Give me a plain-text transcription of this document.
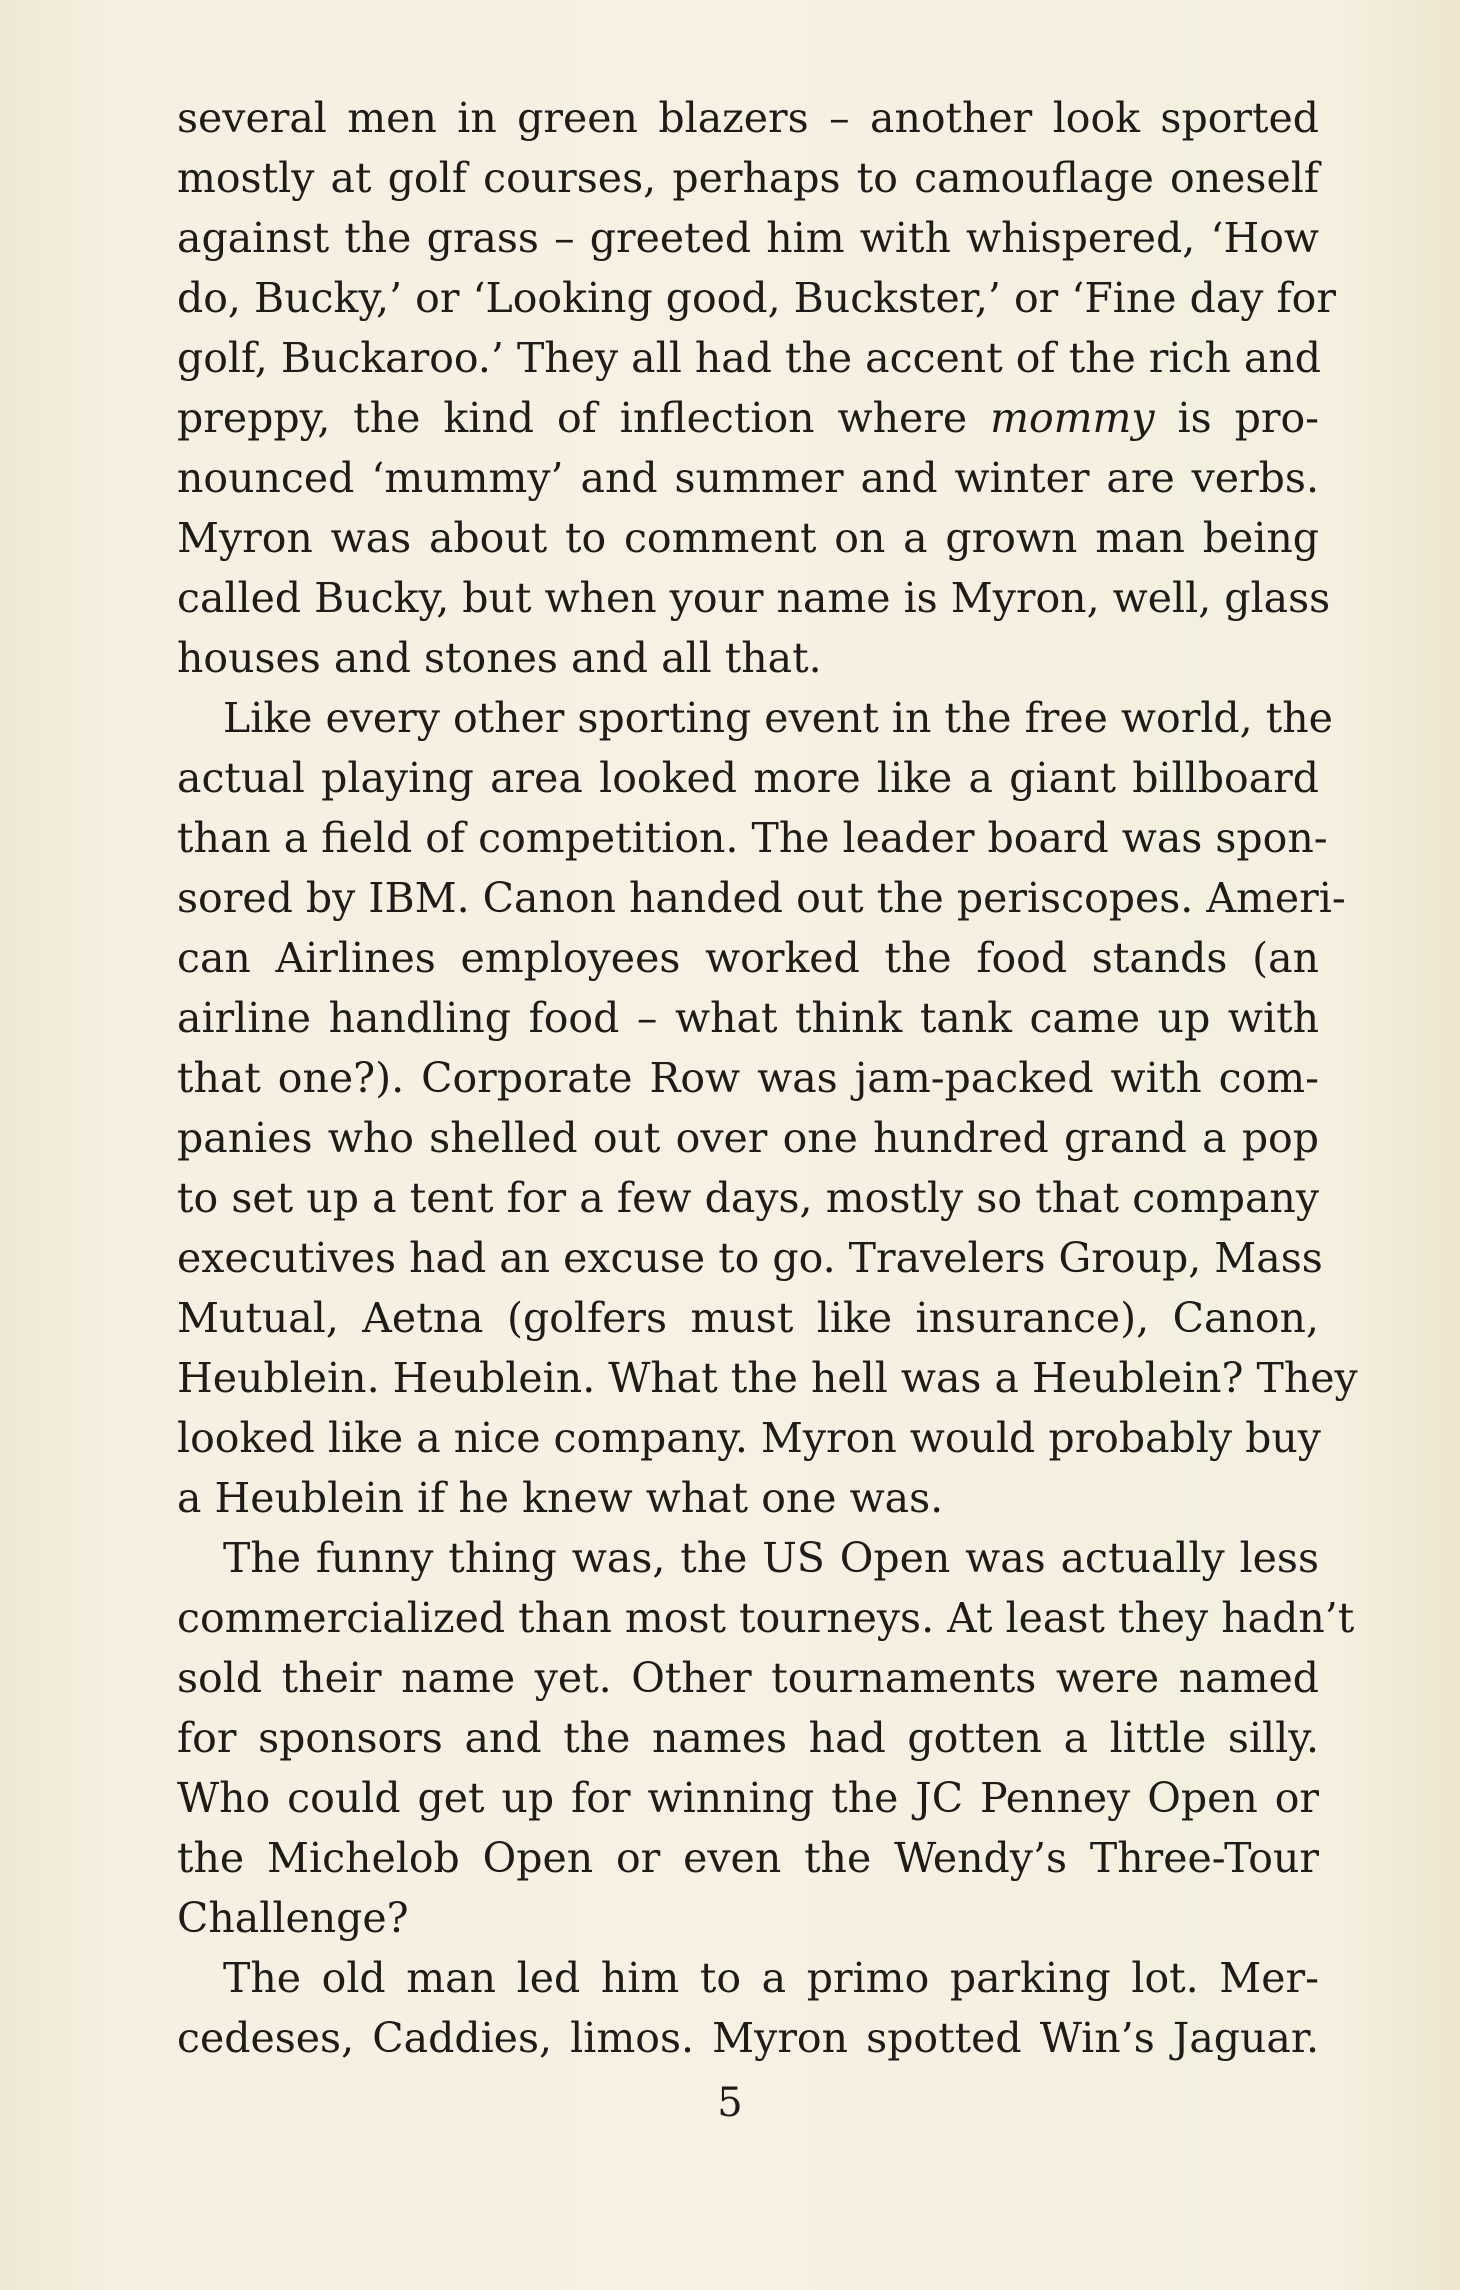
several men in green blazers – another look sported
mostly at golf courses, perhaps to camouflage oneself
against the grass – greeted him with whispered, ‘How
do, Bucky,’ or ‘Looking good, Buckster,’ or ‘Fine day for
golf, Buckaroo.’ They all had the accent of the rich and
preppy, the kind of inflection where mommy is pro-
nounced ‘mummy’ and summer and winter are verbs.
Myron was about to comment on a grown man being
called Bucky, but when your name is Myron, well, glass
houses and stones and all that.
Like every other sporting event in the free world, the
actual playing area looked more like a giant billboard
than a field of competition. The leader board was spon-
sored by IBM. Canon handed out the periscopes. Ameri-
can Airlines employees worked the food stands (an
airline handling food – what think tank came up with
that one?). Corporate Row was jam-packed with com-
panies who shelled out over one hundred grand a pop
to set up a tent for a few days, mostly so that company
executives had an excuse to go. Travelers Group, Mass
Mutual, Aetna (golfers must like insurance), Canon,
Heublein. Heublein. What the hell was a Heublein? They
looked like a nice company. Myron would probably buy
a Heublein if he knew what one was.
The funny thing was, the US Open was actually less
commercialized than most tourneys. At least they hadn’t
sold their name yet. Other tournaments were named
for sponsors and the names had gotten a little silly.
Who could get up for winning the JC Penney Open or
the Michelob Open or even the Wendy’s Three-Tour
Challenge?
The old man led him to a primo parking lot. Mer-
cedeses, Caddies, limos. Myron spotted Win’s Jaguar.
5
